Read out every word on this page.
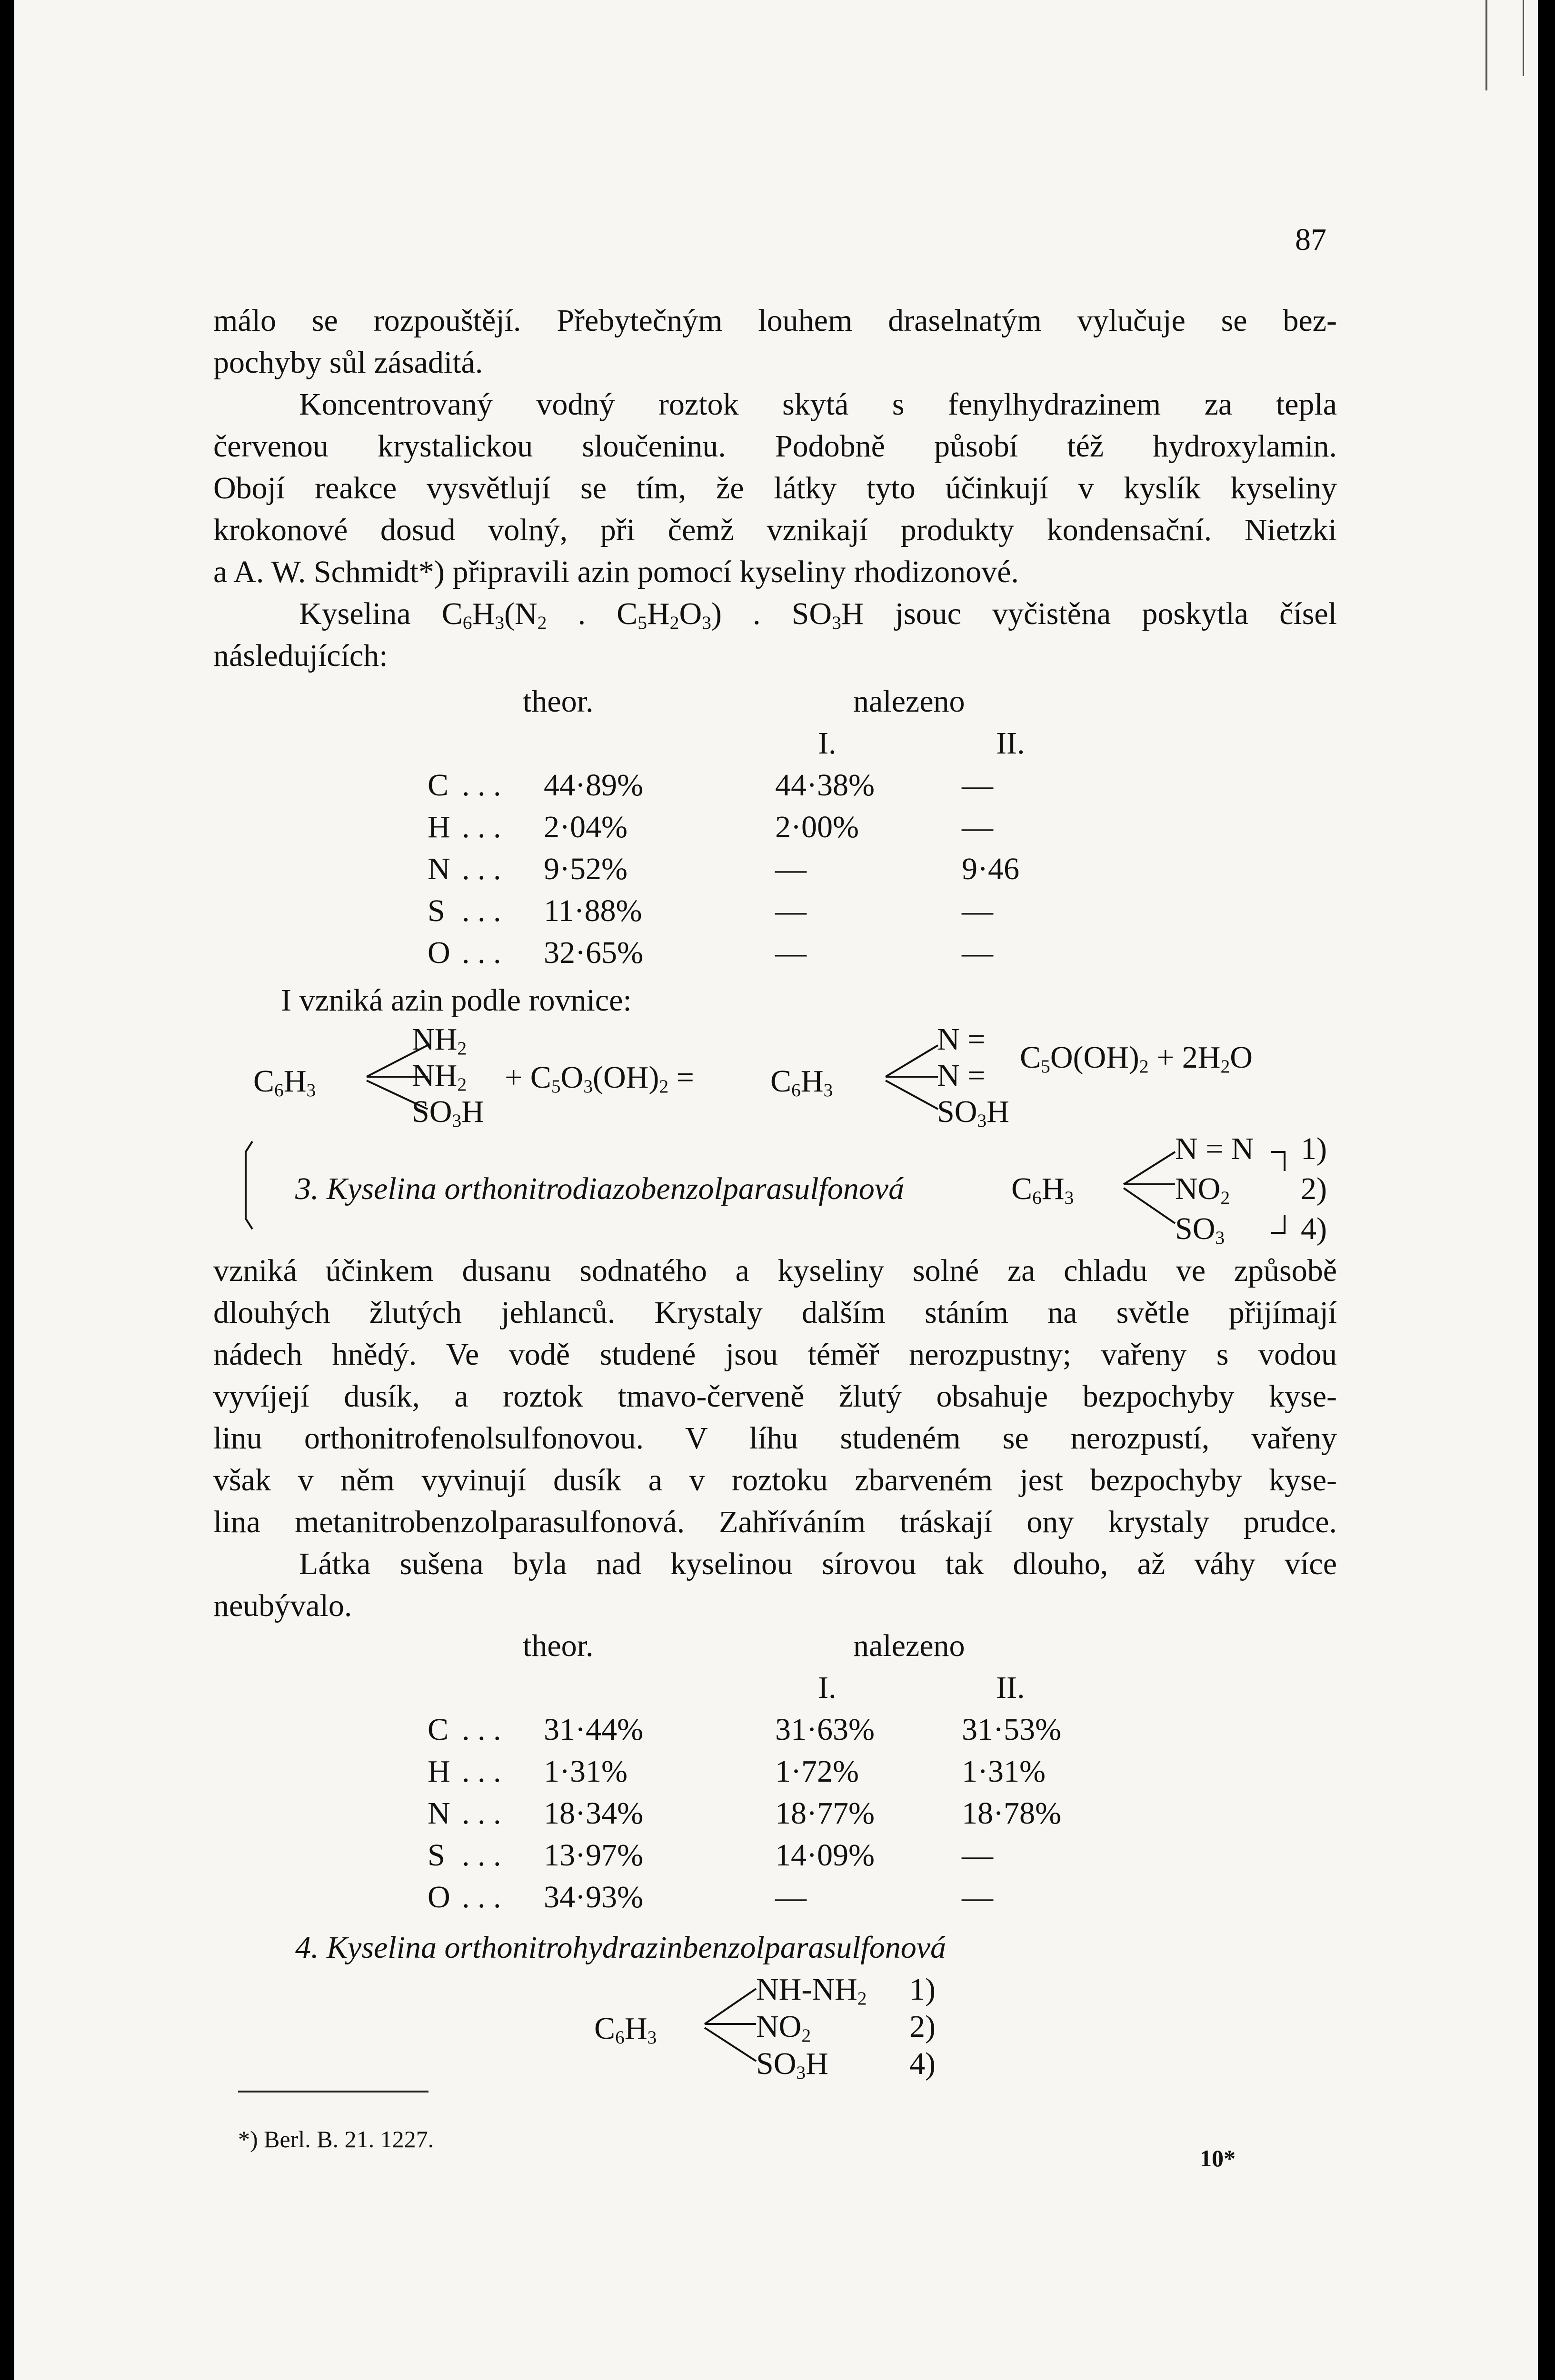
87
málo se rozpouštějí. Přebytečným louhem draselnatým vylučuje se bez-
pochyby sůl zásaditá.
Koncentrovaný vodný roztok skytá s fenylhydrazinem za tepla
červenou krystalickou sloučeninu. Podobně působí též hydroxylamin.
Obojí reakce vysvětlují se tím, že látky tyto účinkují v kyslík kyseliny
krokonové dosud volný, při čemž vznikají produkty kondensační. Nietzki
a A. W. Schmidt*) připravili azin pomocí kyseliny rhodizonové.
Kyselina $C_6H_3(N_2$ . $C_5H_2O_3$) . $SO_3H$ jsouc vyčistěna poskytla čísel
následujících:
theor.	nalezeno
I.	II.
C . . . 44·89%	44·38%	—
H . . . 2·04%	2·00%	—
N . . . 9·52%	—	9·46
S . . . 11·88%	—	—
O . . . 32·65%	—	—
I vzniká azin podle rovnice:
$C_6H_3$
$NH_2$
$NH_2$
$SO_3H$
+ $C_5O_3(OH)_2 = C_6H_3$
N =
N =
$SO_3H$
$C_5O(OH)_2 + 2H_2O$
3. Kyselina orthonitrodiazobenzolparasulfonová	$C_6H_3$
N = N
$NO_2$
$SO_3$
1)
2)
4)
vzniká účinkem dusanu sodnatého a kyseliny solné za chladu ve způsobě
dlouhých žlutých jehlanců. Krystaly dalším stáním na světle přijímají
nádech hnědý. Ve vodě studené jsou téměř nerozpustny; vařeny s vodou
vyvíjejí dusík, a roztok tmavo-červeně žlutý obsahuje bezpochyby kyse-
linu orthonitrofenolsulfonovou. V líhu studeném se nerozpustí, vařeny
však v něm vyvinují dusík a v roztoku zbarveném jest bezpochyby kyse-
lina metanitrobenzolparasulfonová. Zahříváním tráskají ony krystaly prudce.
Látka sušena byla nad kyselinou sírovou tak dlouho, až váhy více
neubývalo.
theor.	nalezeno
I.	II.
C . . . 31·44%	31·63%	31·53%
H . . . 1·31%	1·72%	1·31%
N . . . 18·34%	18·77%	18·78%
S . . . 13·97%	14·09%	—
O . . . 34·93%	—	—
4. Kyselina orthonitrohydrazinbenzolparasulfonová
$C_6H_3$
$NH-NH_2$
$NO_2$
$SO_3H$
1)
2)
4)
*) Berl. B. 21. 1227.
10*
